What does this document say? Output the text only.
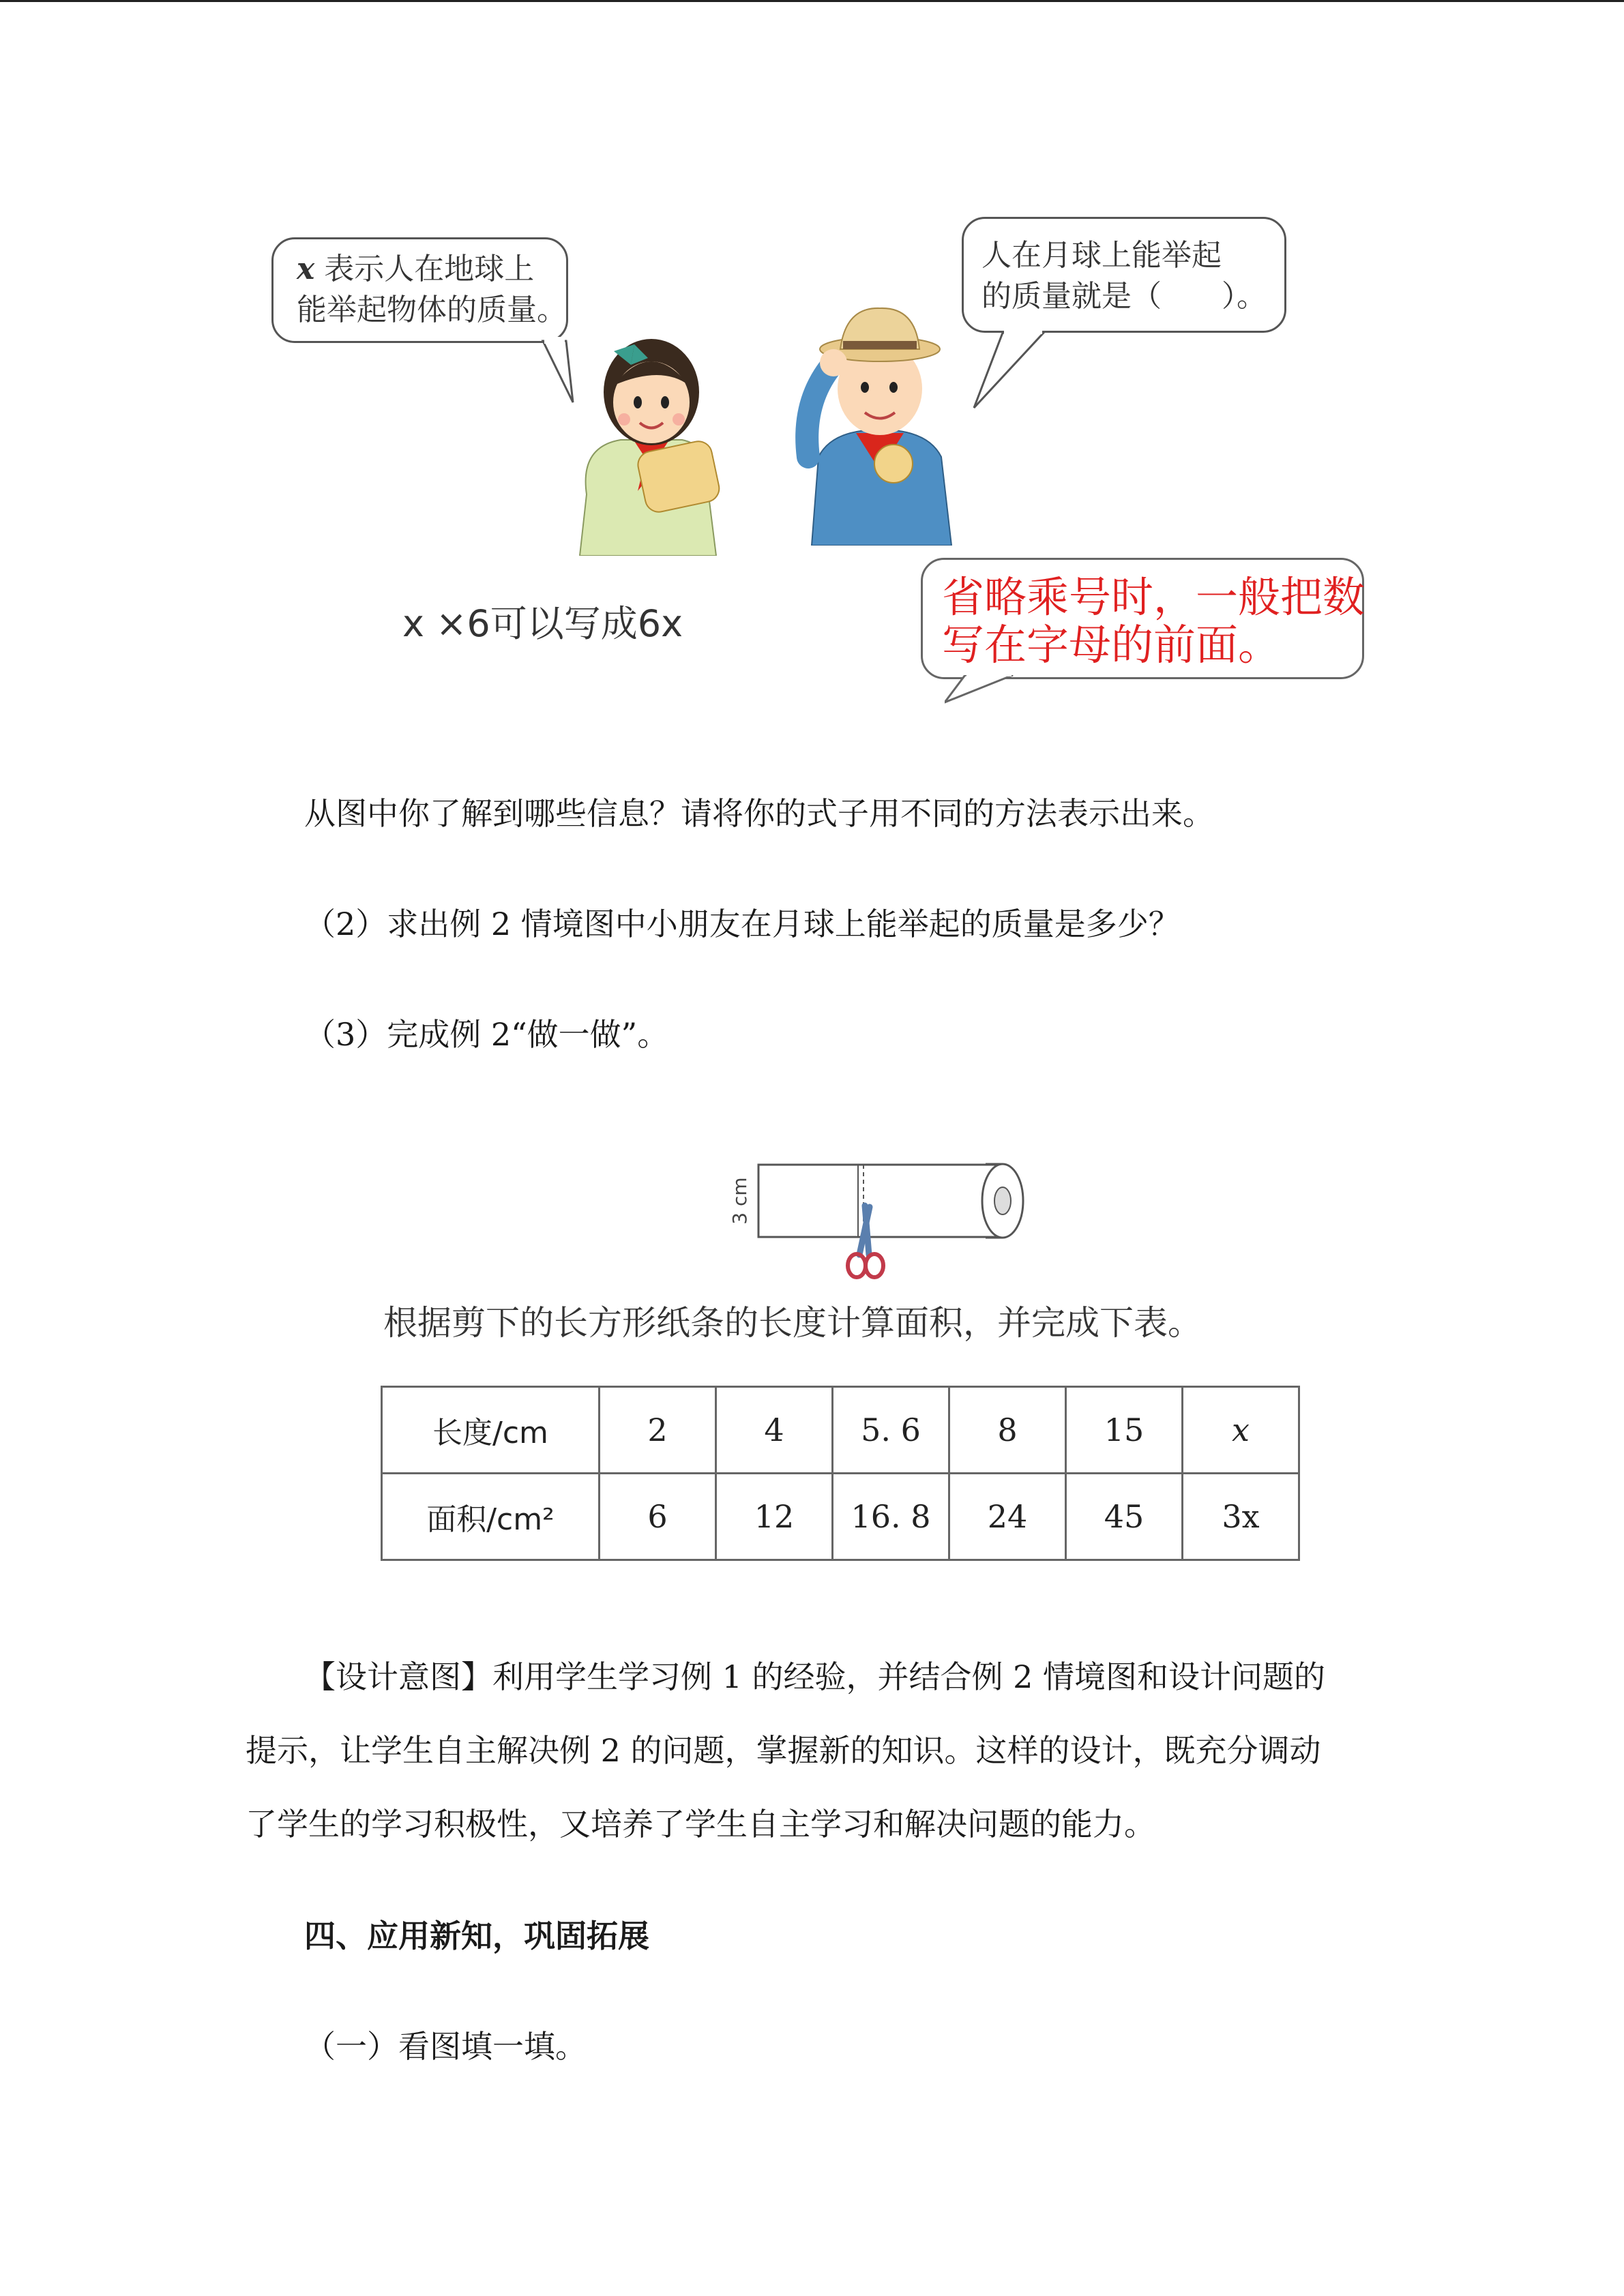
x 表示人在地球上
能举起物体的质量。
人在月球上能举起
的质量就是（　　）。
x ×6可以写成6x
省略乘号时，一般把数
写在字母的前面。
从图中你了解到哪些信息？请将你的式子用不同的方法表示出来。
（2）求出例 2 情境图中小朋友在月球上能举起的质量是多少？
（3）完成例 2“做一做”。
3 cm
根据剪下的长方形纸条的长度计算面积，并完成下表。
长度/cm	2	4	5. 6	8	15	x
面积/cm²	6	12	16. 8	24	45	3x
【设计意图】利用学生学习例 1 的经验，并结合例 2 情境图和设计问题的
提示，让学生自主解决例 2 的问题，掌握新的知识。这样的设计，既充分调动
了学生的学习积极性，又培养了学生自主学习和解决问题的能力。
四、应用新知，巩固拓展
（一）看图填一填。
